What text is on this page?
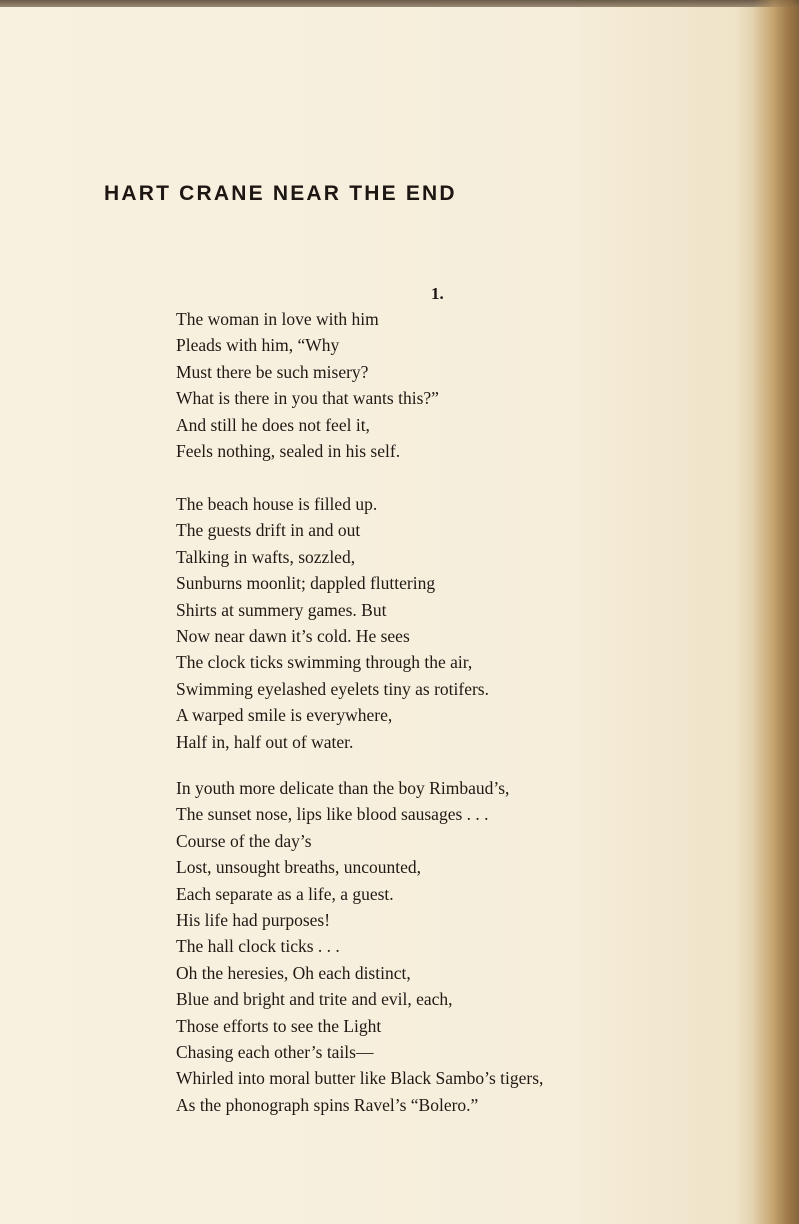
HART CRANE NEAR THE END
1.
The woman in love with him
Pleads with him, “Why
Must there be such misery?
What is there in you that wants this?”
And still he does not feel it,
Feels nothing, sealed in his self.
The beach house is filled up.
The guests drift in and out
Talking in wafts, sozzled,
Sunburns moonlit; dappled fluttering
Shirts at summery games. But
Now near dawn it’s cold. He sees
The clock ticks swimming through the air,
Swimming eyelashed eyelets tiny as rotifers.
A warped smile is everywhere,
Half in, half out of water.
In youth more delicate than the boy Rimbaud’s,
The sunset nose, lips like blood sausages . . .
Course of the day’s
Lost, unsought breaths, uncounted,
Each separate as a life, a guest.
His life had purposes!
The hall clock ticks . . .
Oh the heresies, Oh each distinct,
Blue and bright and trite and evil, each,
Those efforts to see the Light
Chasing each other’s tails—
Whirled into moral butter like Black Sambo’s tigers,
As the phonograph spins Ravel’s “Bolero.”
